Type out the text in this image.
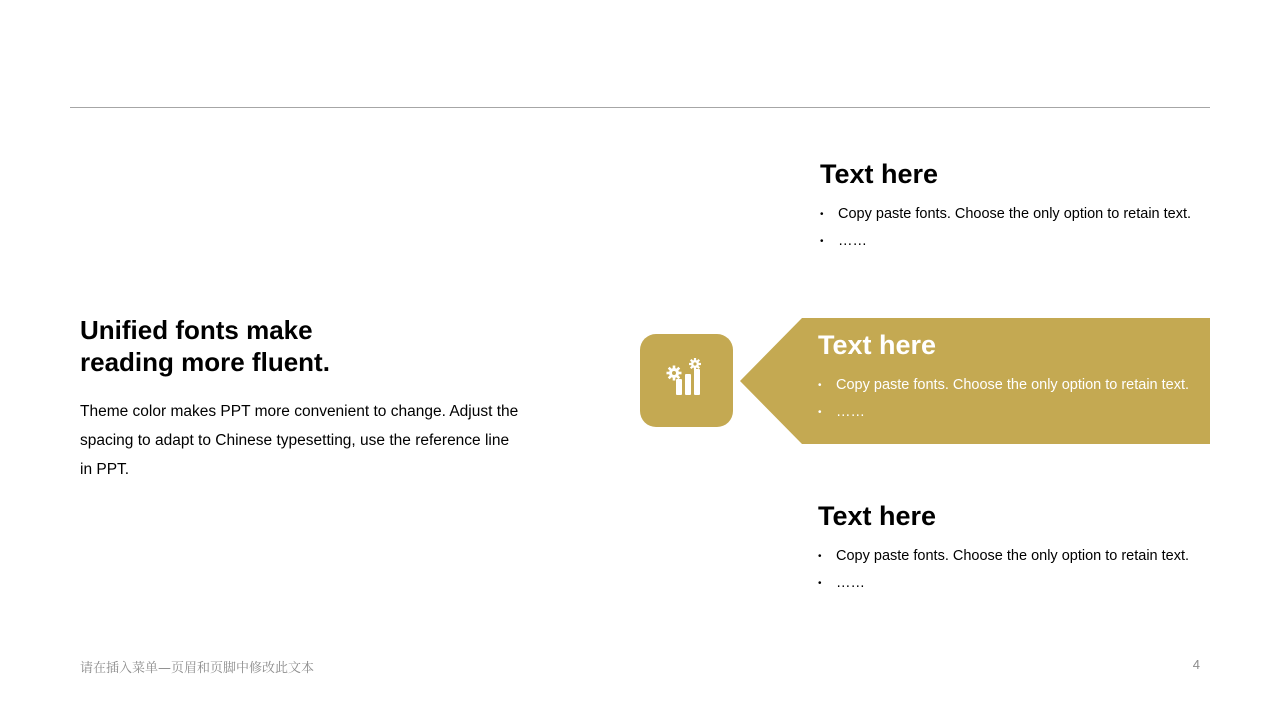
Unified fonts make reading more fluent.

Theme color makes PPT more convenient to change. Adjust the spacing to adapt to Chinese typesetting, use the reference line in PPT.

Text here
• Copy paste fonts. Choose the only option to retain text.
• ……
Text here
• Copy paste fonts. Choose the only option to retain text.
• ……
Text here
• Copy paste fonts. Choose the only option to retain text.
• ……
请在插入菜单—页眉和页脚中修改此文本	4
